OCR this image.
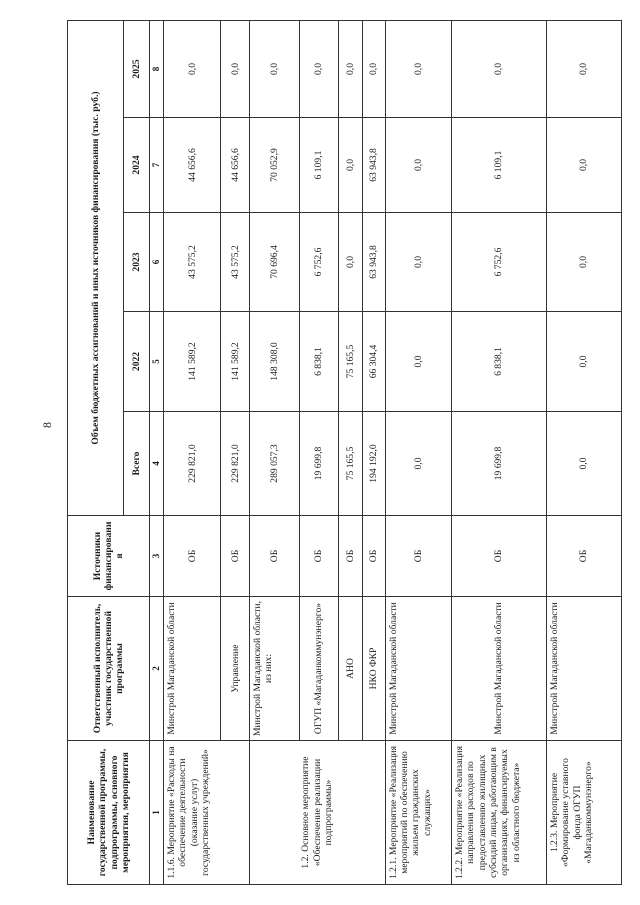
8
Наименование государственной программы, подпрограммы, основного мероприятия, мероприятия	Ответственный исполнитель, участник государственной программы	Источники финансирования	Объем бюджетных ассигнований и иных источников финансирования (тыс. руб.)				
			Всего	2022	2023	2024	2025
1	2	3	4	5	6	7	8
1.1.6. Мероприятие «Расходы на обеспечение деятельности (оказание услуг) государственных учреждений»	Минстрой Магаданской области	ОБ	229 821,0	141 589,2	43 575,2	44 656,6	0,0
	Управление	ОБ	229 821,0	141 589,2	43 575,2	44 656,6	0,0
1.2. Основное мероприятие «Обеспечение реализации подпрограммы»	Минстрой Магаданской области, из них:	ОБ	289 057,3	148 308,0	70 696,4	70 052,9	0,0
	ОГУП «Магаданкоммунэнерго»	ОБ	19 699,8	6 838,1	6 752,6	6 109,1	0,0
	АНО	ОБ	75 165,5	75 165,5	0,0	0,0	0,0
	НКО ФКР	ОБ	194 192,0	66 304,4	63 943,8	63 943,8	0,0
1.2.1. Мероприятие «Реализация мероприятий по обеспечению жильем гражданских служащих»	Минстрой Магаданской области	ОБ	0,0	0,0	0,0	0,0	0,0
1.2.2. Мероприятие «Реализация направления расходов по предоставлению жилищных субсидий лицам, работающим в организациях, финансируемых из областного бюджета»	Минстрой Магаданской области	ОБ	19 699,8	6 838,1	6 752,6	6 109,1	0,0
1.2.3. Мероприятие «Формирование уставного фонда ОГУП «Магаданкоммунэнерго»	Минстрой Магаданской области	ОБ	0,0	0,0	0,0	0,0	0,0
